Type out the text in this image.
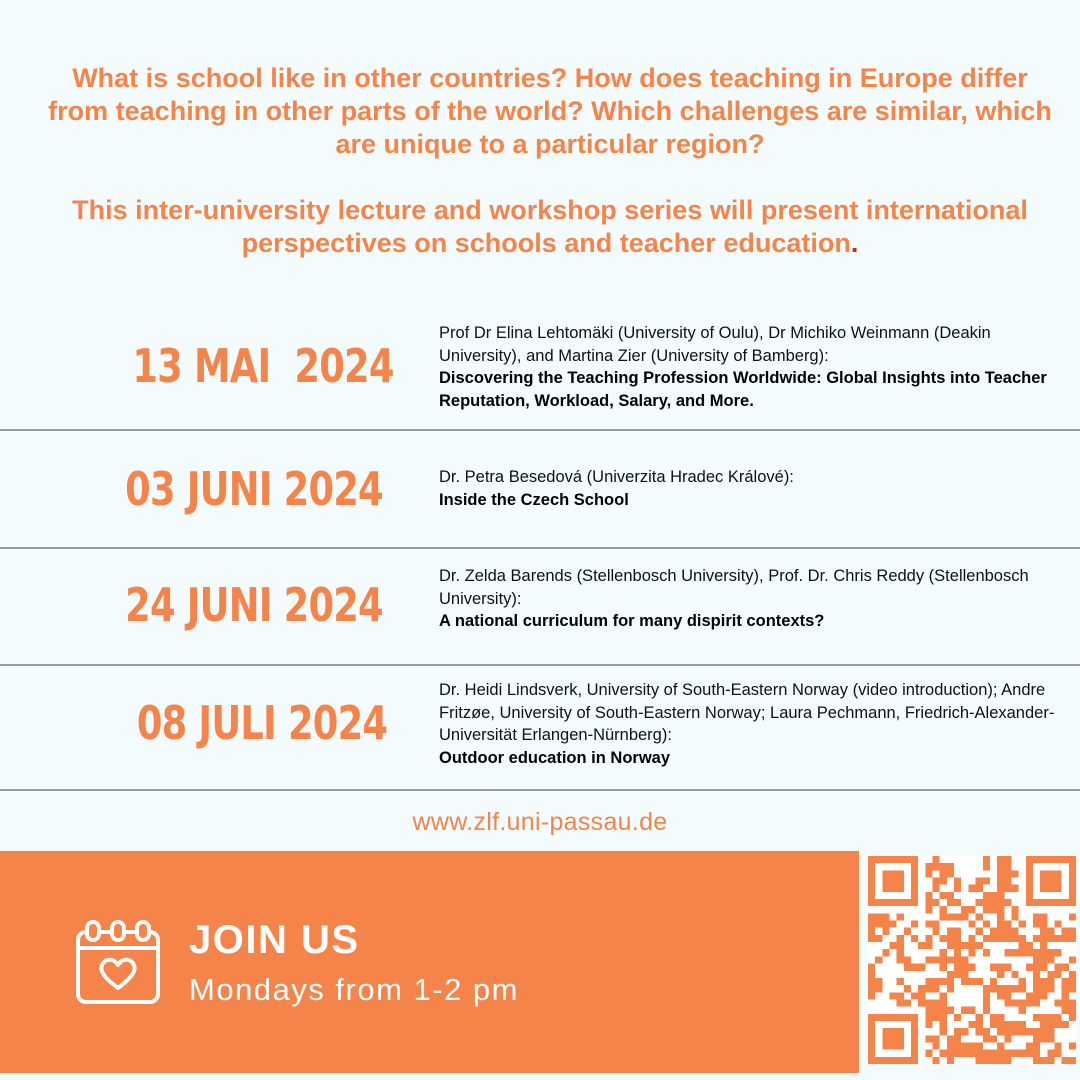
What is school like in other countries? How does teaching in Europe differ from teaching in other parts of the world? Which challenges are similar, which are unique to a particular region?

This inter-university lecture and workshop series will present international perspectives on schools and teacher education.

13 MAI  2024
Prof Dr Elina Lehtomäki (University of Oulu), Dr Michiko Weinmann (Deakin University), and Martina Zier (University of Bamberg):
Discovering the Teaching Profession Worldwide: Global Insights into Teacher Reputation, Workload, Salary, and More.
03 JUNI 2024	Dr. Petra Besedová (Univerzita Hradec Králové):
Inside the Czech School
24 JUNI 2024
Dr. Zelda Barends (Stellenbosch University), Prof. Dr. Chris Reddy (Stellenbosch University):
A national curriculum for many dispirit contexts?
08 JULI 2024
Dr. Heidi Lindsverk, University of South-Eastern Norway (video introduction); Andre Fritzøe, University of South-Eastern Norway; Laura Pechmann, Friedrich-Alexander-Universität Erlangen-Nürnberg):
Outdoor education in Norway
www.zlf.uni-passau.de
JOIN US
Mondays from 1-2 pm
